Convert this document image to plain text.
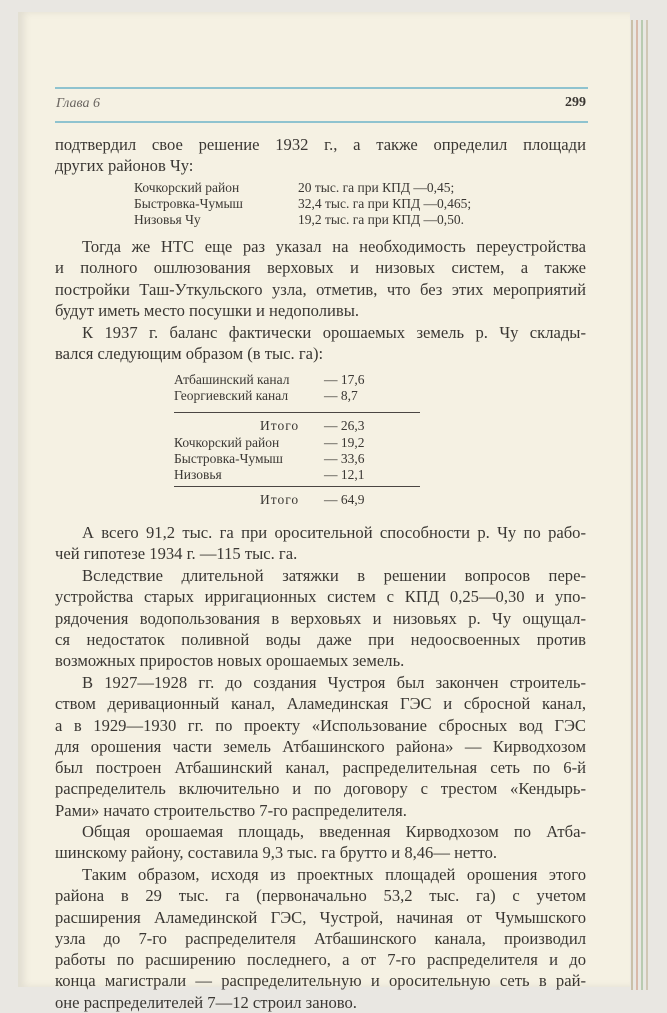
Глава 6	299
подтвердил свое решение 1932 г., а также определил площади
других районов Чу:
Кочкорский район	20 тыс. га при КПД —0,45;
Быстровка-Чумыш	32,4 тыс. га при КПД —0,465;
Низовья Чу	19,2 тыс. га при КПД —0,50.
Тогда же НТС еще раз указал на необходимость переустройства
и полного ошлюзования верховых и низовых систем, а также
постройки Таш-Уткульского узла, отметив, что без этих мероприятий
будут иметь место посушки и недополивы.
К 1937 г. баланс фактически орошаемых земель р. Чу склады-
вался следующим образом (в тыс. га):
Атбашинский канал	— 17,6
Георгиевский канал	— 8,7
Итого — 26,3
Кочкорский район	— 19,2
Быстровка-Чумыш	— 33,6
Низовья	— 12,1
Итого — 64,9
А всего 91,2 тыс. га при оросительной способности р. Чу по рабо-
чей гипотезе 1934 г. —115 тыс. га.
Вследствие длительной затяжки в решении вопросов пере-
устройства старых ирригационных систем с КПД 0,25—0,30 и упо-
рядочения водопользования в верховьях и низовьях р. Чу ощущал-
ся недостаток поливной воды даже при недоосвоенных против
возможных приростов новых орошаемых земель.
В 1927—1928 гг. до создания Чустроя был закончен строитель-
ством деривационный канал, Аламединская ГЭС и сбросной канал,
а в 1929—1930 гг. по проекту «Использование сбросных вод ГЭС
для орошения части земель Атбашинского района» — Кирводхозом
был построен Атбашинский канал, распределительная сеть по 6-й
распределитель включительно и по договору с трестом «Кендырь-
Рами» начато строительство 7-го распределителя.
Общая орошаемая площадь, введенная Кирводхозом по Атба-
шинскому району, составила 9,3 тыс. га брутто и 8,46— нетто.
Таким образом, исходя из проектных площадей орошения этого
района в 29 тыс. га (первоначально 53,2 тыс. га) с учетом
расширения Аламединской ГЭС, Чустрой, начиная от Чумышского
узла до 7-го распределителя Атбашинского канала, производил
работы по расширению последнего, а от 7-го распределителя и до
конца магистрали — распределительную и оросительную сеть в рай-
оне распределителей 7—12 строил заново.
